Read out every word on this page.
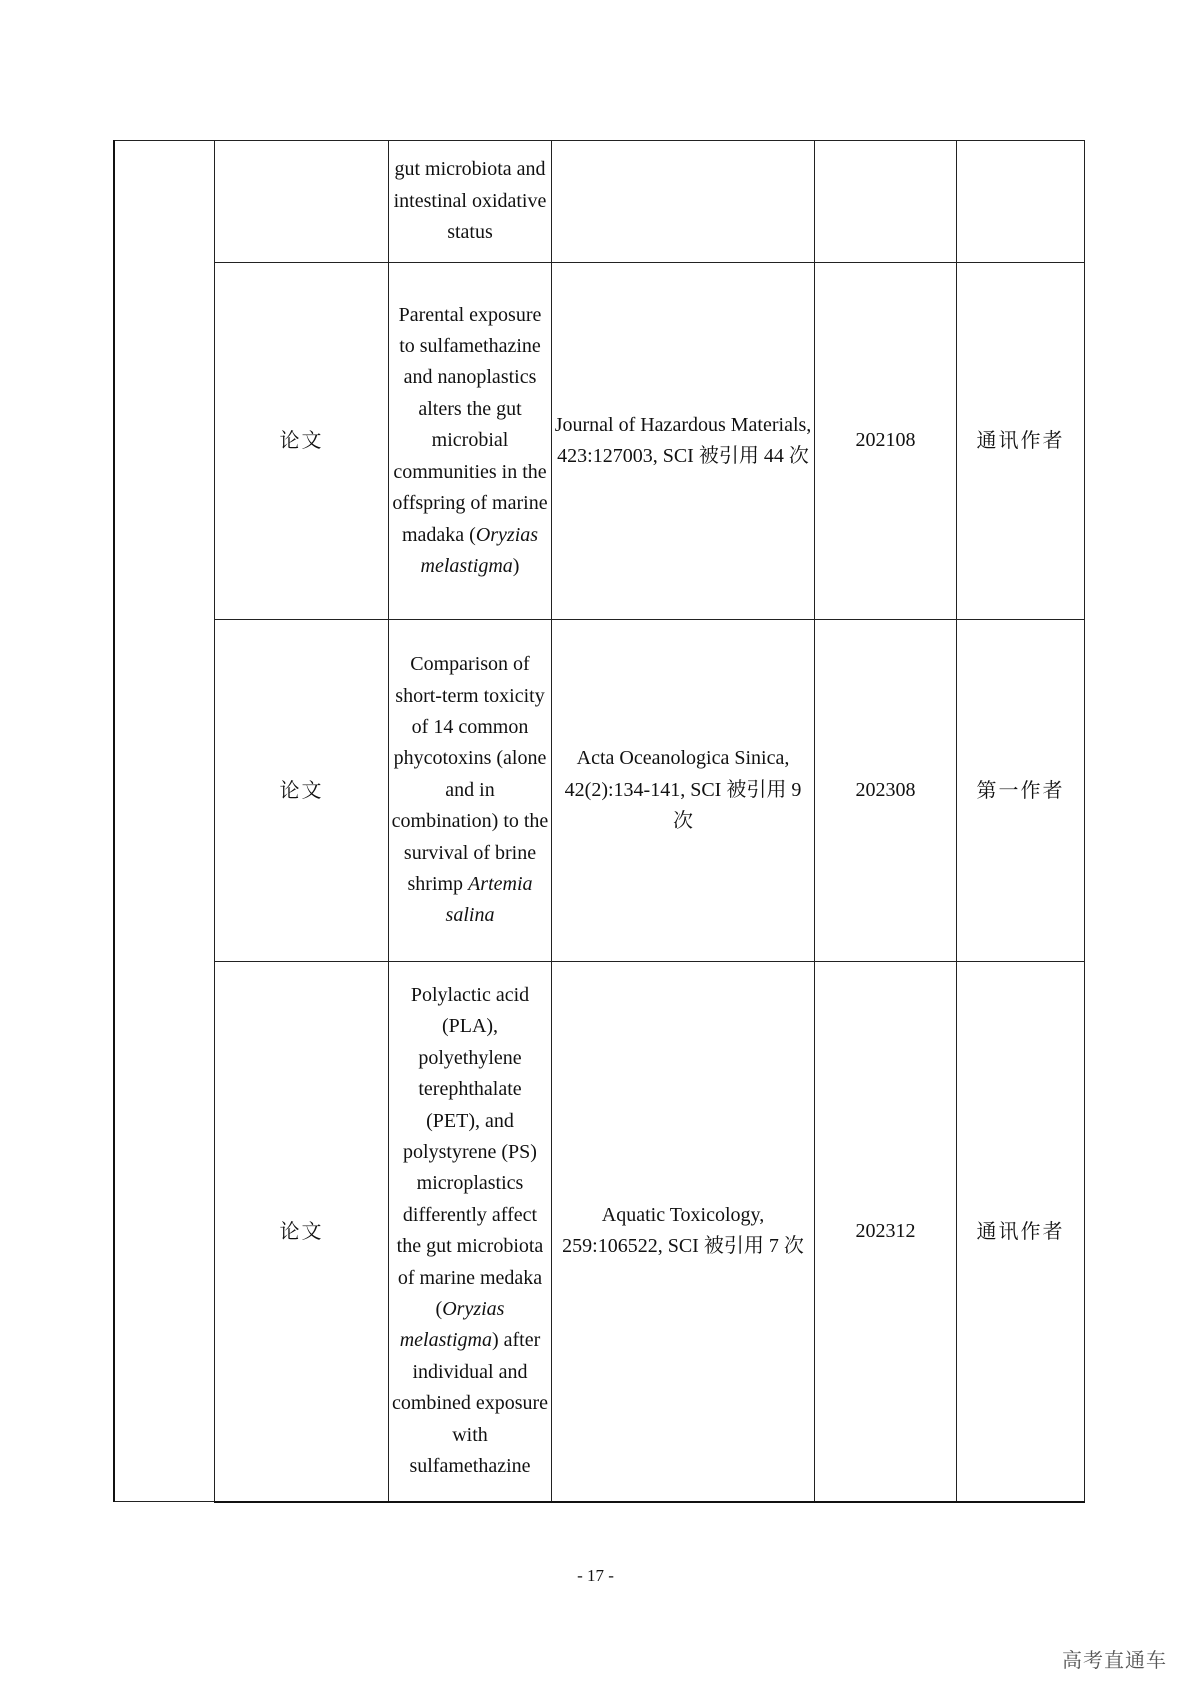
		gut microbiota and intestinal oxidative status			
	论文	Parental exposure to sulfamethazine and nanoplastics alters the gut microbial communities in the offspring of marine madaka (Oryzias melastigma)	Journal of Hazardous Materials, 423:127003, SCI 被引用 44 次	202108	通讯作者
	论文	Comparison of short-term toxicity of 14 common phycotoxins (alone and in combination) to the survival of brine shrimp Artemia salina	Acta Oceanologica Sinica, 42(2):134-141, SCI 被引用 9 次	202308	第一作者
	论文	Polylactic acid (PLA), polyethylene terephthalate (PET), and polystyrene (PS) microplastics differently affect the gut microbiota of marine medaka (Oryzias melastigma) after individual and combined exposure with sulfamethazine	Aquatic Toxicology, 259:106522, SCI 被引用 7 次	202312	通讯作者
- 17 -
高考直通车
